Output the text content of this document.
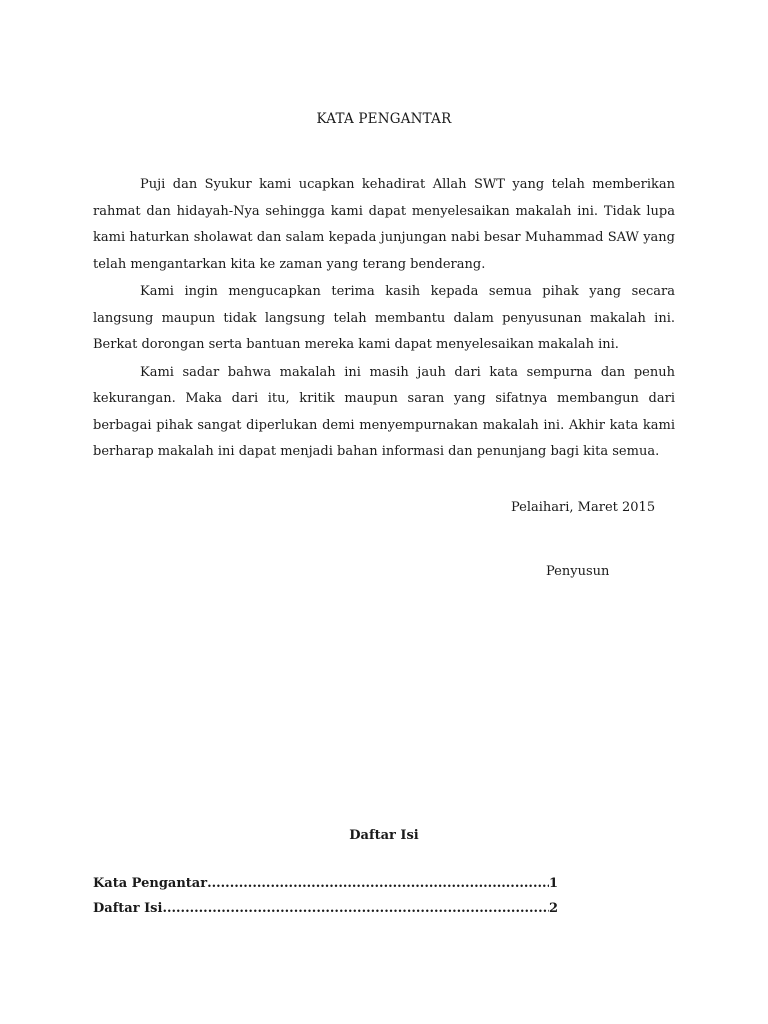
KATA PENGANTAR

Puji dan Syukur kami ucapkan kehadirat Allah SWT yang telah memberikan rahmat dan hidayah-Nya sehingga kami dapat menyelesaikan makalah ini. Tidak lupa kami haturkan sholawat dan salam kepada junjungan nabi besar Muhammad SAW yang telah mengantarkan kita ke zaman yang terang benderang.

Kami ingin mengucapkan terima kasih kepada semua pihak yang secara langsung maupun tidak langsung telah membantu dalam penyusunan makalah ini. Berkat dorongan serta bantuan mereka kami dapat menyelesaikan makalah ini.

Kami sadar bahwa makalah ini masih jauh dari kata sempurna dan penuh kekurangan. Maka dari itu, kritik maupun saran yang sifatnya membangun dari berbagai pihak sangat diperlukan demi menyempurnakan makalah ini. Akhir kata kami berharap makalah ini dapat menjadi bahan informasi dan penunjang bagi kita semua.

Pelaihari, Maret 2015
Penyusun
Daftar Isi
Kata Pengantar .....	1
Daftar Isi .....	2
